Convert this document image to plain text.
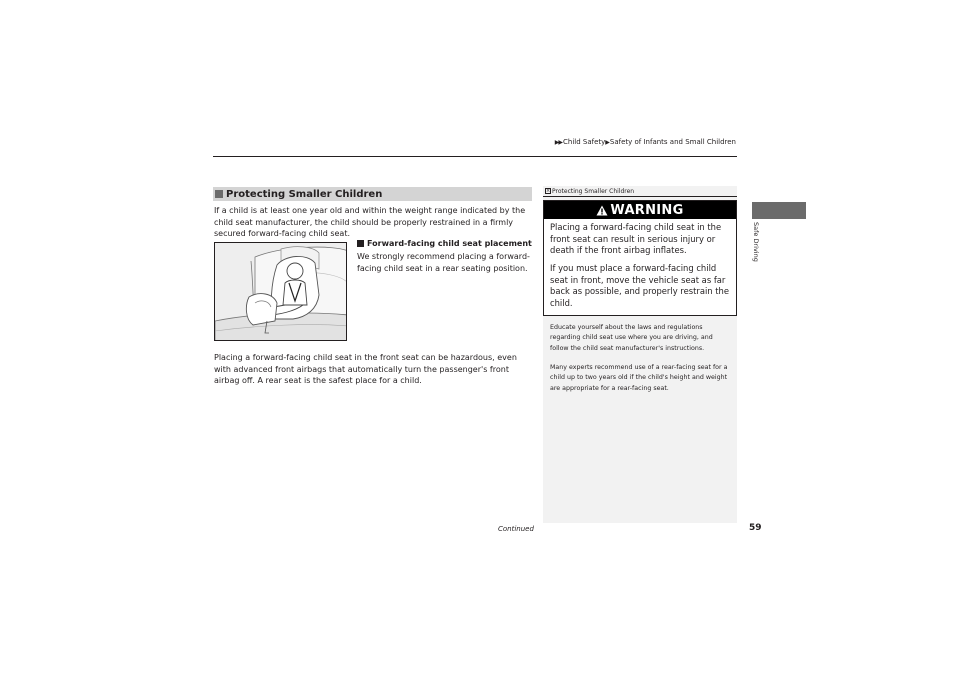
▶▶Child Safety▶Safety of Infants and Small Children
Protecting Smaller Children
If a child is at least one year old and within the weight range indicated by the child seat manufacturer, the child should be properly restrained in a firmly secured forward-facing child seat.
Forward-facing child seat placement
We strongly recommend placing a forward-facing child seat in a rear seating position.
Placing a forward-facing child seat in the front seat can be hazardous, even with advanced front airbags that automatically turn the passenger's front airbag off. A rear seat is the safest place for a child.
Continued
× Protecting Smaller Children
WARNING
Placing a forward-facing child seat in the front seat can result in serious injury or death if the front airbag inflates.
If you must place a forward-facing child seat in front, move the vehicle seat as far back as possible, and properly restrain the child.
Educate yourself about the laws and regulations regarding child seat use where you are driving, and follow the child seat manufacturer's instructions.
Many experts recommend use of a rear-facing seat for a child up to two years old if the child's height and weight are appropriate for a rear-facing seat.
Safe Driving
59
